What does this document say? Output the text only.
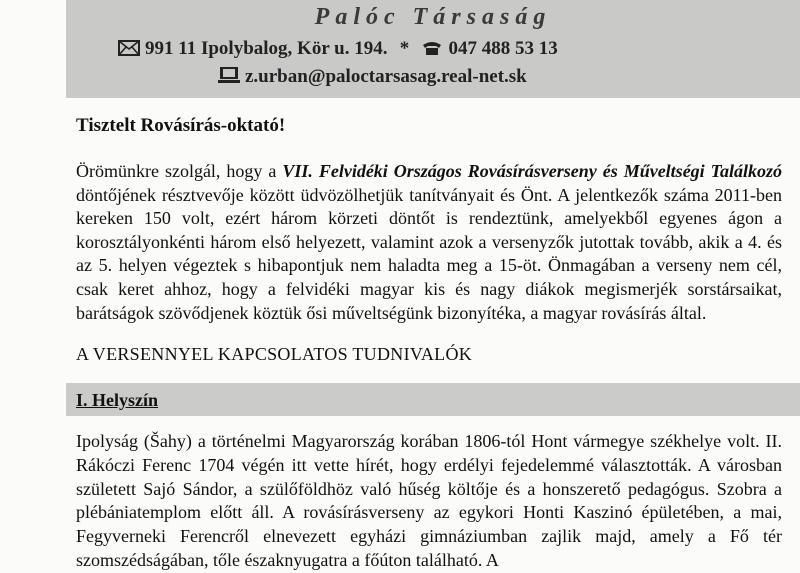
Palóc Társaság
991 11 Ipolybalog, Kör u. 194. * 047 488 53 13
z.urban@paloctarsasag.real-net.sk
Tisztelt Rovásírás-oktató!
Örömünkre szolgál, hogy a VII. Felvidéki Országos Rovásírásverseny és Műveltségi Találkozó döntőjének résztvevője között üdvözölhetjük tanítványait és Önt. A jelentkezők száma 2011-ben kereken 150 volt, ezért három körzeti döntőt is rendeztünk, amelyekből egyenes ágon a korosztályonkénti három első helyezett, valamint azok a versenyzők jutottak tovább, akik a 4. és az 5. helyen végeztek s hibapontjuk nem haladta meg a 15-öt. Önmagában a verseny nem cél, csak keret ahhoz, hogy a felvidéki magyar kis és nagy diákok megismerjék sorstársaikat, barátságok szövődjenek köztük ősi műveltségünk bizonyítéka, a magyar rovásírás által.
A VERSENNYEL KAPCSOLATOS TUDNIVALÓK
I. Helyszín
Ipolyság (Šahy) a történelmi Magyarország korában 1806-tól Hont vármegye székhelye volt. II. Rákóczi Ferenc 1704 végén itt vette hírét, hogy erdélyi fejedelemmé választották. A városban született Sajó Sándor, a szülőföldhöz való hűség költője és a honszerető pedagógus. Szobra a plébániatemplom előtt áll. A rovásírásverseny az egykori Honti Kaszinó épületében, a mai, Fegyverneki Ferencről elnevezett egyházi gimnáziumban zajlik majd, amely a Fő tér szomszédságában, tőle északnyugatra a főúton található. A
